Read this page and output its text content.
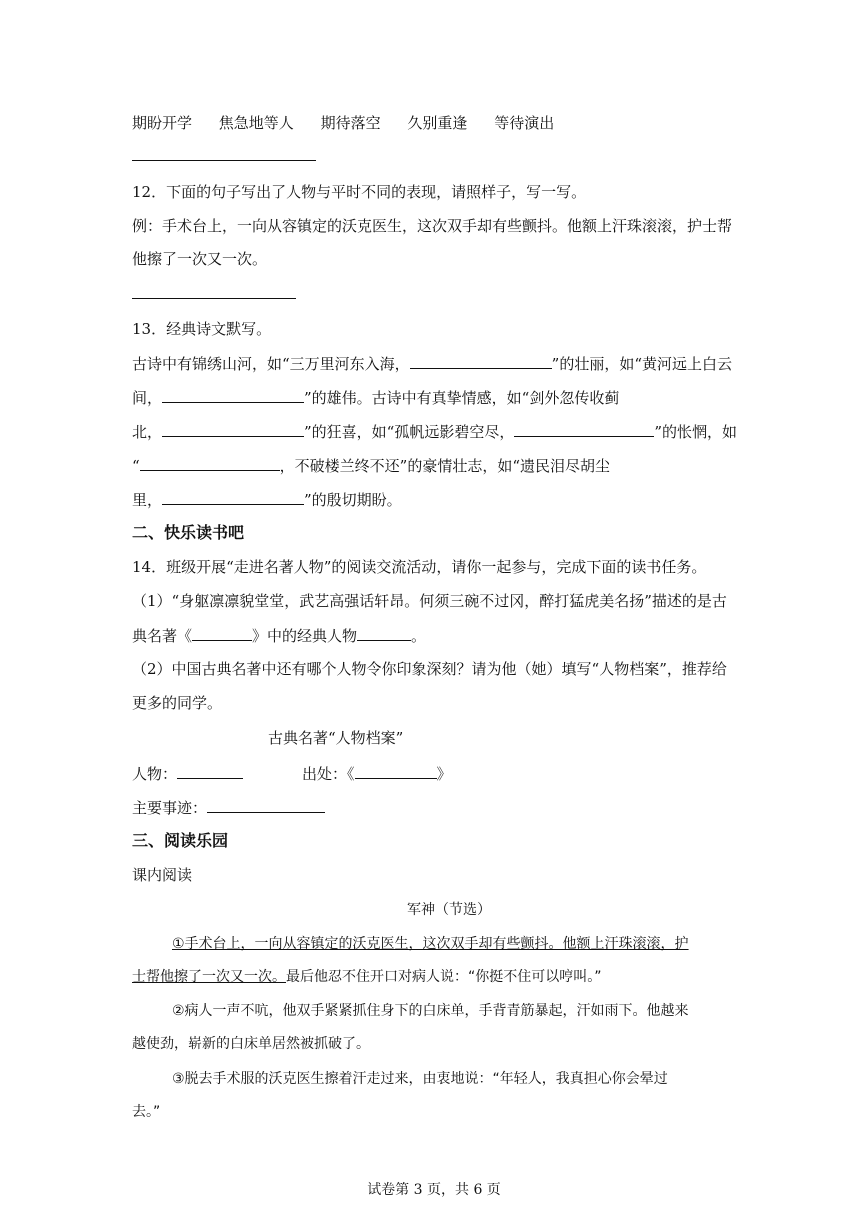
期盼开学 焦急地等人 期待落空 久别重逢 等待演出
12．下面的句子写出了人物与平时不同的表现，请照样子，写一写。
例：手术台上，一向从容镇定的沃克医生，这次双手却有些颤抖。他额上汗珠滚滚，护士帮
他擦了一次又一次。
13．经典诗文默写。
古诗中有锦绣山河，如“三万里河东入海，	”的壮丽，如“黄河远上白云
间，	”的雄伟。古诗中有真挚情感，如“剑外忽传收蓟
北，	”的狂喜，如“孤帆远影碧空尽，	”的怅惘，如
“	，不破楼兰终不还”的豪情壮志，如“遗民泪尽胡尘
里，	”的殷切期盼。
二、快乐读书吧
14．班级开展“走进名著人物”的阅读交流活动，请你一起参与，完成下面的读书任务。
（1）“身躯凛凛貌堂堂，武艺高强话轩昂。何须三碗不过冈，醉打猛虎美名扬”描述的是古
典名著《	》中的经典人物	。
（2）中国古典名著中还有哪个人物令你印象深刻？请为他（她）填写“人物档案”，推荐给
更多的同学。
古典名著“人物档案”
人物：	出处：《	》
主要事迹：
三、阅读乐园
课内阅读
军神（节选）
①手术台上，一向从容镇定的沃克医生，这次双手却有些颤抖。他额上汗珠滚滚，护
士帮他擦了一次又一次。最后他忍不住开口对病人说：“你挺不住可以哼叫。”
②病人一声不吭，他双手紧紧抓住身下的白床单，手背青筋暴起，汗如雨下。他越来
越使劲，崭新的白床单居然被抓破了。
③脱去手术服的沃克医生擦着汗走过来，由衷地说：“年轻人，我真担心你会晕过
去。”
试卷第 3 页，共 6 页
